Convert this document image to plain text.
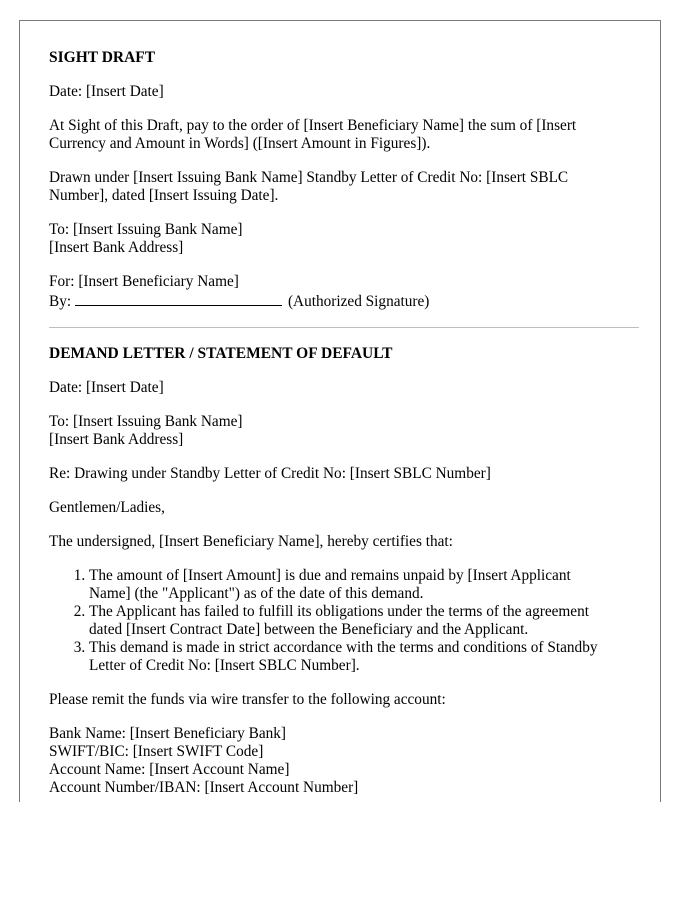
SIGHT DRAFT

Date: [Insert Date]

At Sight of this Draft, pay to the order of [Insert Beneficiary Name] the sum of [Insert
Currency and Amount in Words] ([Insert Amount in Figures]).

Drawn under [Insert Issuing Bank Name] Standby Letter of Credit No: [Insert SBLC
Number], dated [Insert Issuing Date].

To: [Insert Issuing Bank Name]
[Insert Bank Address]

For: [Insert Beneficiary Name]
By:	(Authorized Signature)

DEMAND LETTER / STATEMENT OF DEFAULT

Date: [Insert Date]

To: [Insert Issuing Bank Name]
[Insert Bank Address]

Re: Drawing under Standby Letter of Credit No: [Insert SBLC Number]

Gentlemen/Ladies,

The undersigned, [Insert Beneficiary Name], hereby certifies that:

1. The amount of [Insert Amount] is due and remains unpaid by [Insert Applicant
Name] (the "Applicant") as of the date of this demand.
2. The Applicant has failed to fulfill its obligations under the terms of the agreement
dated [Insert Contract Date] between the Beneficiary and the Applicant.
3. This demand is made in strict accordance with the terms and conditions of Standby
Letter of Credit No: [Insert SBLC Number].

Please remit the funds via wire transfer to the following account:

Bank Name: [Insert Beneficiary Bank]
SWIFT/BIC: [Insert SWIFT Code]
Account Name: [Insert Account Name]
Account Number/IBAN: [Insert Account Number]
